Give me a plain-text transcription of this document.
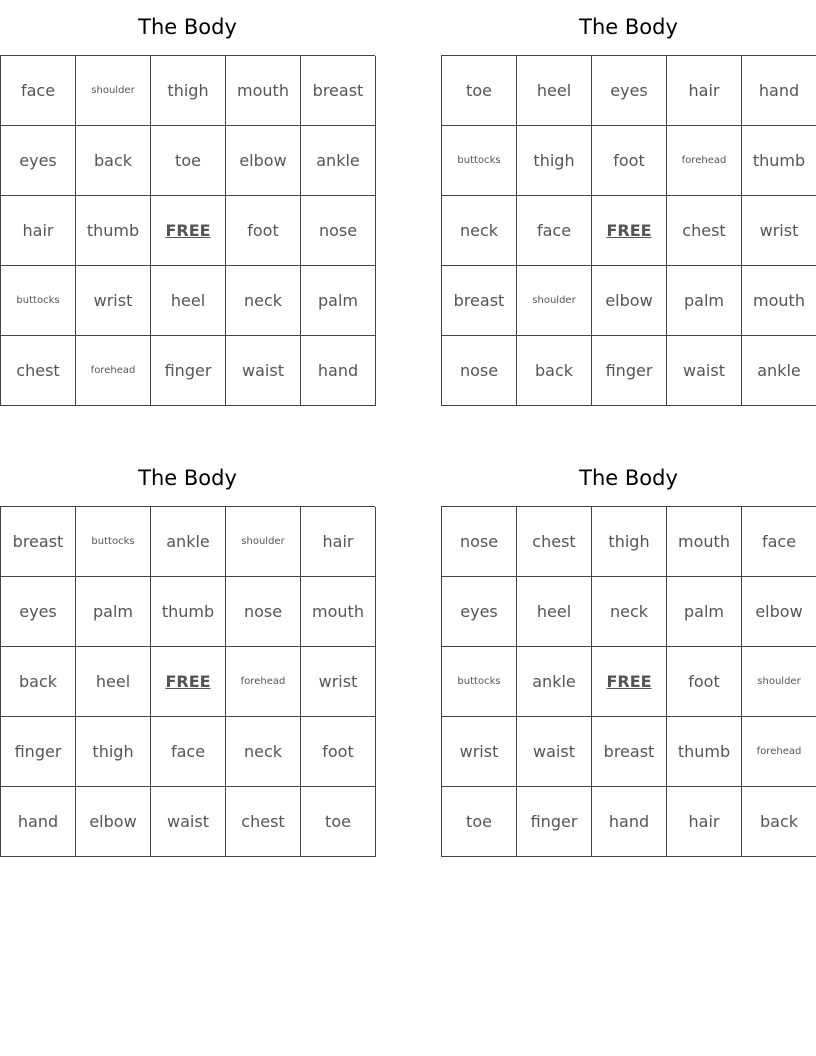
The Body
face	shoulder	thigh	mouth	breast
eyes	back	toe	elbow	ankle
hair	thumb	FREE	foot	nose
buttocks	wrist	heel	neck	palm
chest	forehead	finger	waist	hand
The Body
toe	heel	eyes	hair	hand
buttocks	thigh	foot	forehead	thumb
neck	face	FREE	chest	wrist
breast	shoulder	elbow	palm	mouth
nose	back	finger	waist	ankle
The Body
breast	buttocks	ankle	shoulder	hair
eyes	palm	thumb	nose	mouth
back	heel	FREE	forehead	wrist
finger	thigh	face	neck	foot
hand	elbow	waist	chest	toe
The Body
nose	chest	thigh	mouth	face
eyes	heel	neck	palm	elbow
buttocks	ankle	FREE	foot	shoulder
wrist	waist	breast	thumb	forehead
toe	finger	hand	hair	back
